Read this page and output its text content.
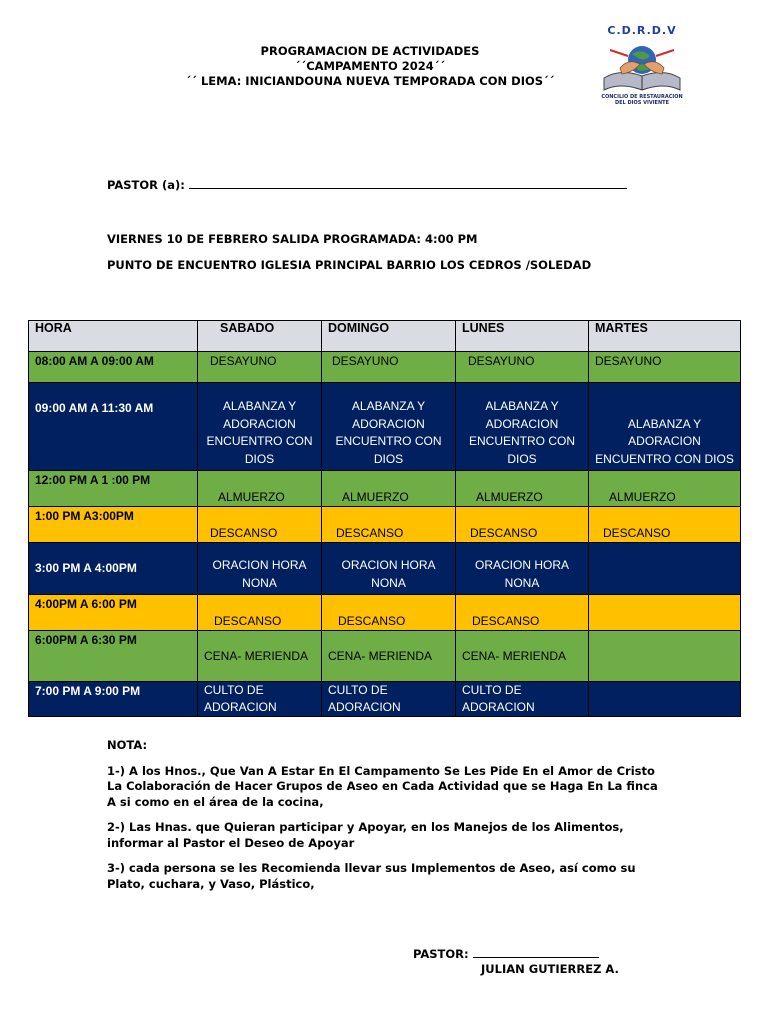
PROGRAMACION DE ACTIVIDADES
´´CAMPAMENTO 2024´´
´´ LEMA: INICIANDOUNA NUEVA TEMPORADA CON DIOS´´
C.D.R.D.V
CONCILIO DE RESTAURACION DEL DIOS VIVIENTE
PASTOR (a):
VIERNES 10 DE FEBRERO SALIDA PROGRAMADA: 4:00 PM
PUNTO DE ENCUENTRO IGLESIA PRINCIPAL BARRIO LOS CEDROS /SOLEDAD
HORA	SABADO	DOMINGO	LUNES	MARTES
08:00 AM A 09:00 AM	DESAYUNO	DESAYUNO	DESAYUNO	DESAYUNO
09:00 AM A 11:30 AM	ALABANZA Y ADORACION ENCUENTRO CON DIOS	ALABANZA Y ADORACION ENCUENTRO CON DIOS	ALABANZA Y ADORACION ENCUENTRO CON DIOS	ALABANZA Y ADORACION ENCUENTRO CON DIOS
12:00 PM A 1 :00 PM	ALMUERZO	ALMUERZO	ALMUERZO	ALMUERZO
1:00 PM A3:00PM	DESCANSO	DESCANSO	DESCANSO	DESCANSO
3:00 PM A 4:00PM	ORACION HORA NONA	ORACION HORA NONA	ORACION HORA NONA	
4:00PM A 6:00 PM	DESCANSO	DESCANSO	DESCANSO	
6:00PM A 6:30 PM	CENA- MERIENDA	CENA- MERIENDA	CENA- MERIENDA	
7:00 PM A 9:00 PM	CULTO DE ADORACION	CULTO DE ADORACION	CULTO DE ADORACION	

NOTA:

1-) A los Hnos., Que Van A Estar En El Campamento Se Les Pide En el Amor de Cristo La Colaboración de Hacer Grupos de Aseo en Cada Actividad que se Haga En La finca A si como en el área de la cocina,

2-) Las Hnas. que Quieran participar y Apoyar, en los Manejos de los Alimentos, informar al Pastor el Deseo de Apoyar

3-) cada persona se les Recomienda llevar sus Implementos de Aseo, así como su Plato, cuchara, y Vaso, Plástico,

PASTOR:
JULIAN GUTIERREZ A.
